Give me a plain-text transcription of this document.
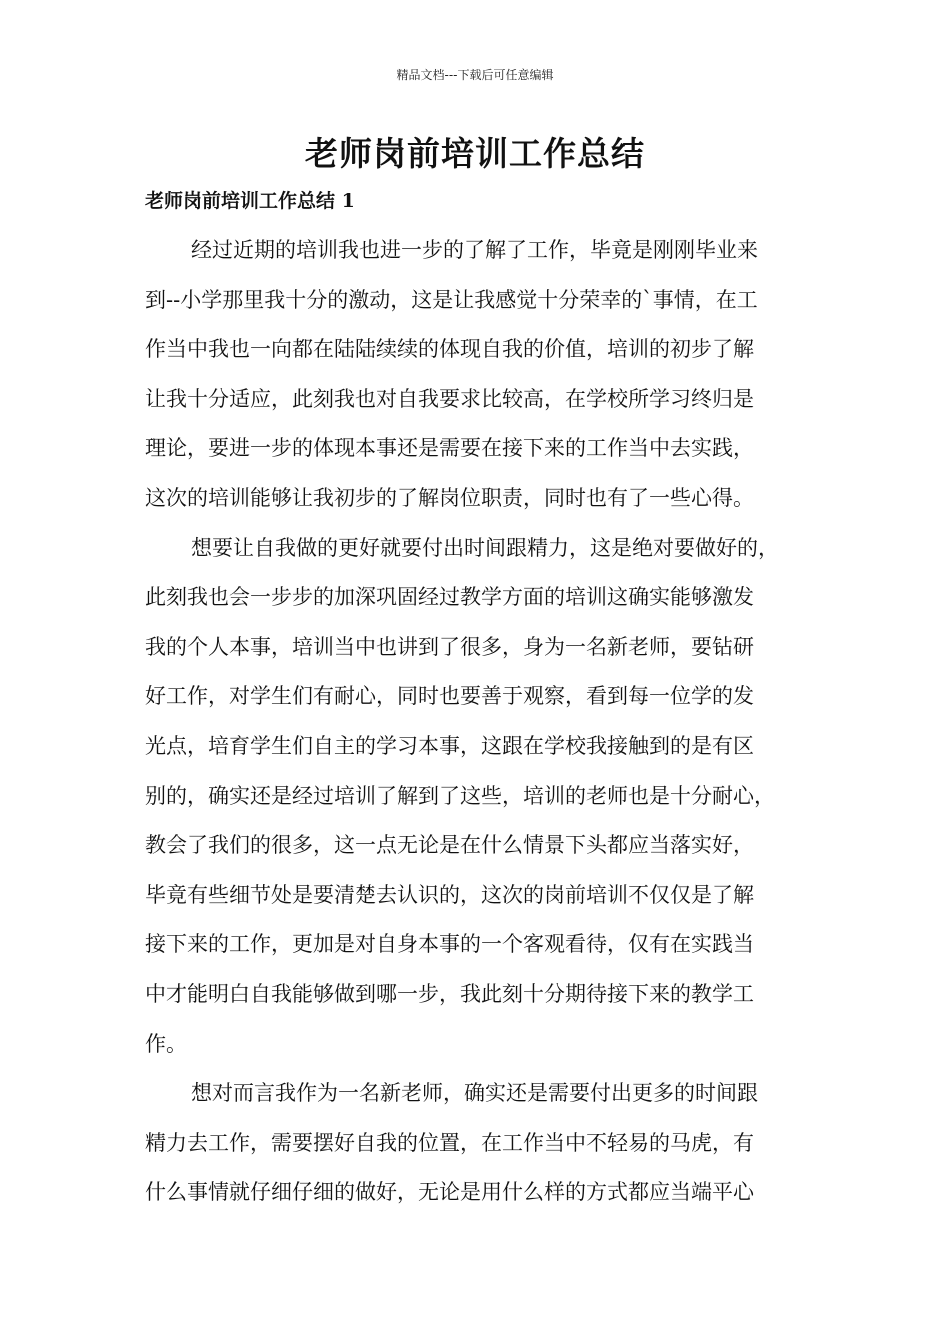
精品文档---下载后可任意编辑
老师岗前培训工作总结
老师岗前培训工作总结 1

经过近期的培训我也进一步的了解了工作，毕竟是刚刚毕业来
到--小学那里我十分的激动，这是让我感觉十分荣幸的`事情，在工
作当中我也一向都在陆陆续续的体现自我的价值，培训的初步了解
让我十分适应，此刻我也对自我要求比较高，在学校所学习终归是
理论，要进一步的体现本事还是需要在接下来的工作当中去实践，
这次的培训能够让我初步的了解岗位职责，同时也有了一些心得。

想要让自我做的更好就要付出时间跟精力，这是绝对要做好的，
此刻我也会一步步的加深巩固经过教学方面的培训这确实能够激发
我的个人本事，培训当中也讲到了很多，身为一名新老师，要钻研
好工作，对学生们有耐心，同时也要善于观察，看到每一位学的发
光点，培育学生们自主的学习本事，这跟在学校我接触到的是有区
别的，确实还是经过培训了解到了这些，培训的老师也是十分耐心，
教会了我们的很多，这一点无论是在什么情景下头都应当落实好，
毕竟有些细节处是要清楚去认识的，这次的岗前培训不仅仅是了解
接下来的工作，更加是对自身本事的一个客观看待，仅有在实践当
中才能明白自我能够做到哪一步，我此刻十分期待接下来的教学工
作。

想对而言我作为一名新老师，确实还是需要付出更多的时间跟
精力去工作，需要摆好自我的位置，在工作当中不轻易的马虎，有
什么事情就仔细仔细的做好，无论是用什么样的方式都应当端平心
